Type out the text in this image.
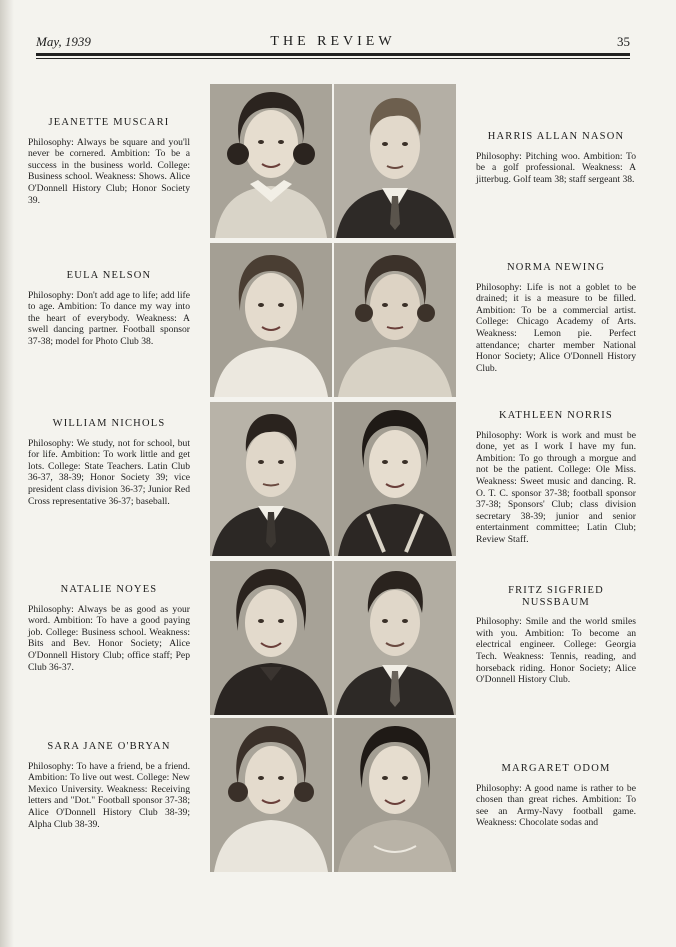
May, 1939	THE REVIEW	35
JEANETTE MUSCARI
Philosophy: Always be square and you'll never be cornered. Ambition: To be a success in the business world. College: Business school. Weakness: Shows. Alice O'Donnell History Club; Honor Society 39.
EULA NELSON
Philosophy: Don't add age to life; add life to age. Ambition: To dance my way into the heart of everybody. Weakness: A swell dancing partner. Football sponsor 37-38; model for Photo Club 38.
WILLIAM NICHOLS
Philosophy: We study, not for school, but for life. Ambition: To work little and get lots. College: State Teachers. Latin Club 36-37, 38-39; Honor Society 39; vice president class division 36-37; Junior Red Cross representative 36-37; baseball.
NATALIE NOYES
Philosophy: Always be as good as your word. Ambition: To have a good paying job. College: Business school. Weakness: Bits and Bev. Honor Society; Alice O'Donnell History Club; office staff; Pep Club 36-37.
SARA JANE O'BRYAN
Philosophy: To have a friend, be a friend. Ambition: To live out west. College: New Mexico University. Weakness: Receiving letters and "Dot." Football sponsor 37-38; Alice O'Donnell History Club 38-39; Alpha Club 38-39.
HARRIS ALLAN NASON
Philosophy: Pitching woo. Ambition: To be a golf professional. Weakness: A jitterbug. Golf team 38; staff sergeant 38.
NORMA NEWING
Philosophy: Life is not a goblet to be drained; it is a measure to be filled. Ambition: To be a commercial artist. College: Chicago Academy of Arts. Weakness: Lemon pie. Perfect attendance; charter member National Honor Society; Alice O'Donnell History Club.
KATHLEEN NORRIS
Philosophy: Work is work and must be done, yet as I work I have my fun. Ambition: To go through a morgue and not be the patient. College: Ole Miss. Weakness: Sweet music and dancing. R. O. T. C. sponsor 37-38; football sponsor 37-38; Sponsors' Club; class division secretary 38-39; junior and senior entertainment committee; Latin Club; Review Staff.
FRITZ SIGFRIED NUSSBAUM
Philosophy: Smile and the world smiles with you. Ambition: To become an electrical engineer. College: Georgia Tech. Weakness: Tennis, reading, and horseback riding. Honor Society; Alice O'Donnell History Club.
MARGARET ODOM
Philosophy: A good name is rather to be chosen than great riches. Ambition: To see an Army-Navy football game. Weakness: Chocolate sodas and
